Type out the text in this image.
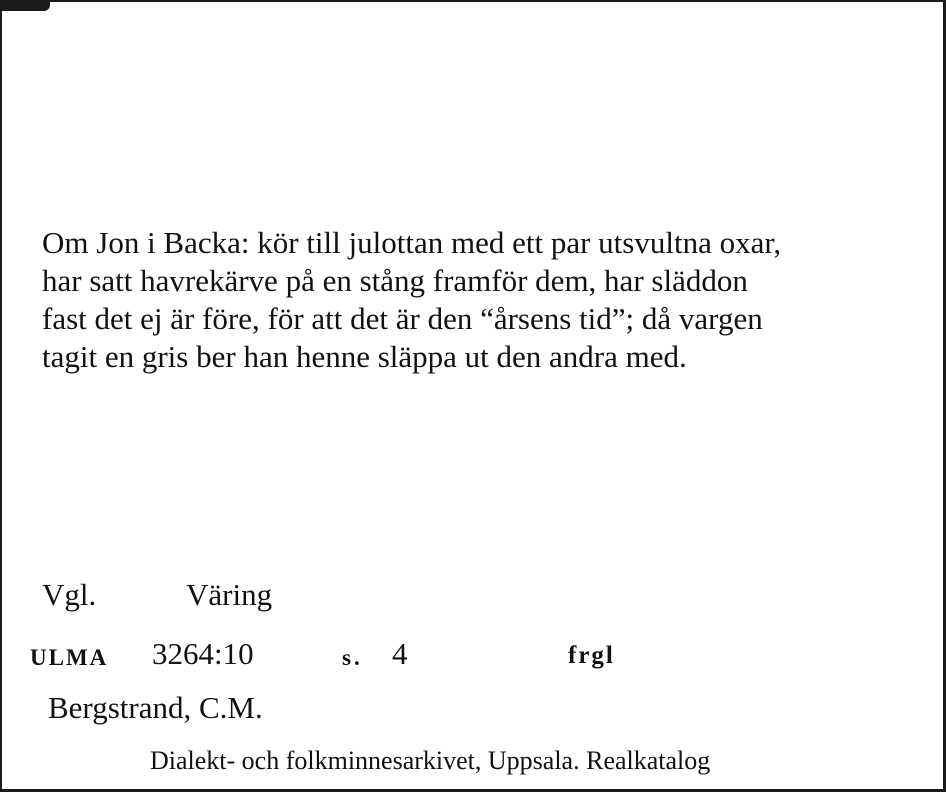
Om Jon i Backa: kör till julottan med ett par utsvultna oxar,
har satt havrekärve på en stång framför dem, har släddon
fast det ej är före, för att det är den “årsens tid”; då vargen
tagit en gris ber han henne släppa ut den andra med.

Vgl.	Väring
ULMA 3264:10	s. 4	frgl
Bergstrand, C.M.
Dialekt- och folkminnesarkivet, Uppsala. Realkatalog
